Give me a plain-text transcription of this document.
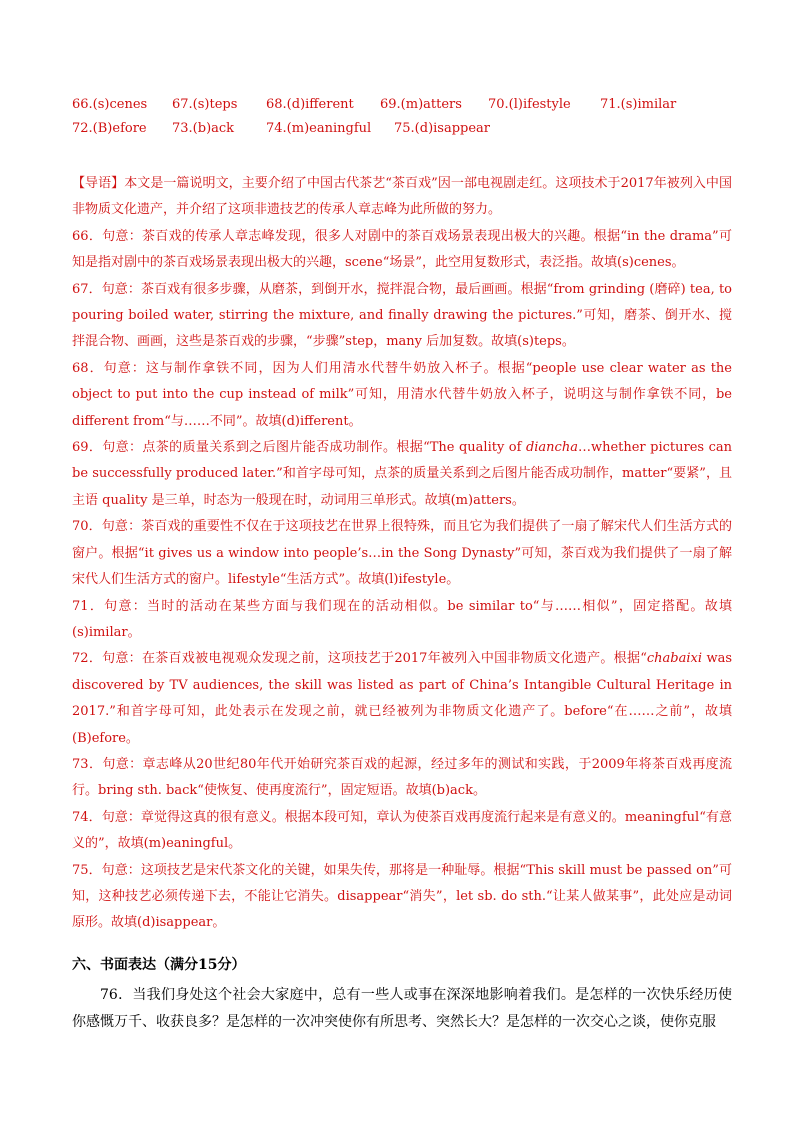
66.(s)cenes 67.(s)teps 68.(d)ifferent 69.(m)atters 70.(l)ifestyle 71.(s)imilar
72.(B)efore 73.(b)ack 74.(m)eaningful 75.(d)isappear

【导语】本文是一篇说明文，主要介绍了中国古代茶艺“茶百戏”因一部电视剧走红。这项技术于2017年被列入中国非物质文化遗产，并介绍了这项非遗技艺的传承人章志峰为此所做的努力。

66．句意：茶百戏的传承人章志峰发现，很多人对剧中的茶百戏场景表现出极大的兴趣。根据“in the drama”可知是指对剧中的茶百戏场景表现出极大的兴趣，scene“场景”，此空用复数形式，表泛指。故填(s)cenes。

67．句意：茶百戏有很多步骤，从磨茶，到倒开水，搅拌混合物，最后画画。根据“from grinding (磨碎) tea, to pouring boiled water, stirring the mixture, and finally drawing the pictures.”可知，磨茶、倒开水、搅拌混合物、画画，这些是茶百戏的步骤，“步骤”step，many 后加复数。故填(s)teps。

68．句意：这与制作拿铁不同，因为人们用清水代替牛奶放入杯子。根据“people use clear water as the object to put into the cup instead of milk”可知，用清水代替牛奶放入杯子，说明这与制作拿铁不同，be different from“与……不同”。故填(d)ifferent。

69．句意：点茶的质量关系到之后图片能否成功制作。根据“The quality of diancha…whether pictures can be successfully produced later.”和首字母可知，点茶的质量关系到之后图片能否成功制作，matter“要紧”，且主语 quality 是三单，时态为一般现在时，动词用三单形式。故填(m)atters。

70．句意：茶百戏的重要性不仅在于这项技艺在世界上很特殊，而且它为我们提供了一扇了解宋代人们生活方式的窗户。根据“it gives us a window into people’s…in the Song Dynasty”可知，茶百戏为我们提供了一扇了解宋代人们生活方式的窗户。lifestyle“生活方式”。故填(l)ifestyle。

71．句意：当时的活动在某些方面与我们现在的活动相似。be similar to“与……相似”，固定搭配。故填(s)imilar。

72．句意：在茶百戏被电视观众发现之前，这项技艺于2017年被列入中国非物质文化遗产。根据“chabaixi was discovered by TV audiences, the skill was listed as part of China’s Intangible Cultural Heritage in 2017.”和首字母可知，此处表示在发现之前，就已经被列为非物质文化遗产了。before“在……之前”，故填(B)efore。

73．句意：章志峰从20世纪80年代开始研究茶百戏的起源，经过多年的测试和实践，于2009年将茶百戏再度流行。bring sth. back“使恢复、使再度流行”，固定短语。故填(b)ack。

74．句意：章觉得这真的很有意义。根据本段可知，章认为使茶百戏再度流行起来是有意义的。meaningful“有意义的”，故填(m)eaningful。

75．句意：这项技艺是宋代茶文化的关键，如果失传，那将是一种耻辱。根据“This skill must be passed on”可知，这种技艺必须传递下去，不能让它消失。disappear“消失”，let sb. do sth.“让某人做某事”，此处应是动词原形。故填(d)isappear。

六、书面表达（满分15分）

76．当我们身处这个社会大家庭中，总有一些人或事在深深地影响着我们。是怎样的一次快乐经历使你感慨万千、收获良多？是怎样的一次冲突使你有所思考、突然长大？是怎样的一次交心之谈，使你克服
